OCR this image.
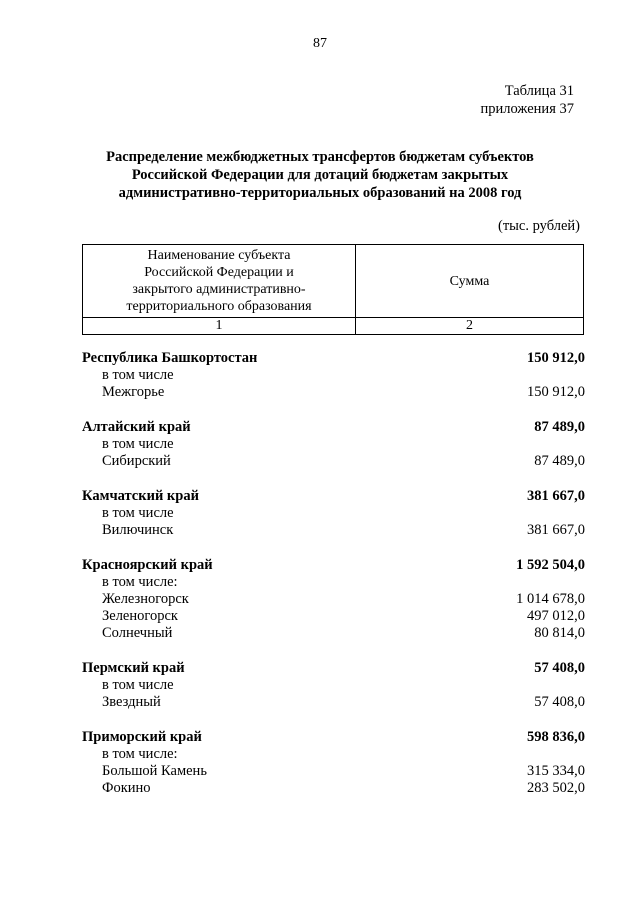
87
Таблица 31
приложения 37
Распределение межбюджетных трансфертов бюджетам субъектов
Российской Федерации для дотаций бюджетам закрытых
административно-территориальных образований на 2008 год
(тыс. рублей)
Наименование субъекта
Российской Федерации и
закрытого административно-
территориального образования	Сумма
1	2
Республика Башкортостан	150 912,0
в том числе
Межгорье	150 912,0
Алтайский край	87 489,0
в том числе
Сибирский	87 489,0
Камчатский край	381 667,0
в том числе
Вилючинск	381 667,0
Красноярский край	1 592 504,0
в том числе:
Железногорск	1 014 678,0
Зеленогорск	497 012,0
Солнечный	80 814,0
Пермский край	57 408,0
в том числе
Звездный	57 408,0
Приморский край	598 836,0
в том числе:
Большой Камень	315 334,0
Фокино	283 502,0
